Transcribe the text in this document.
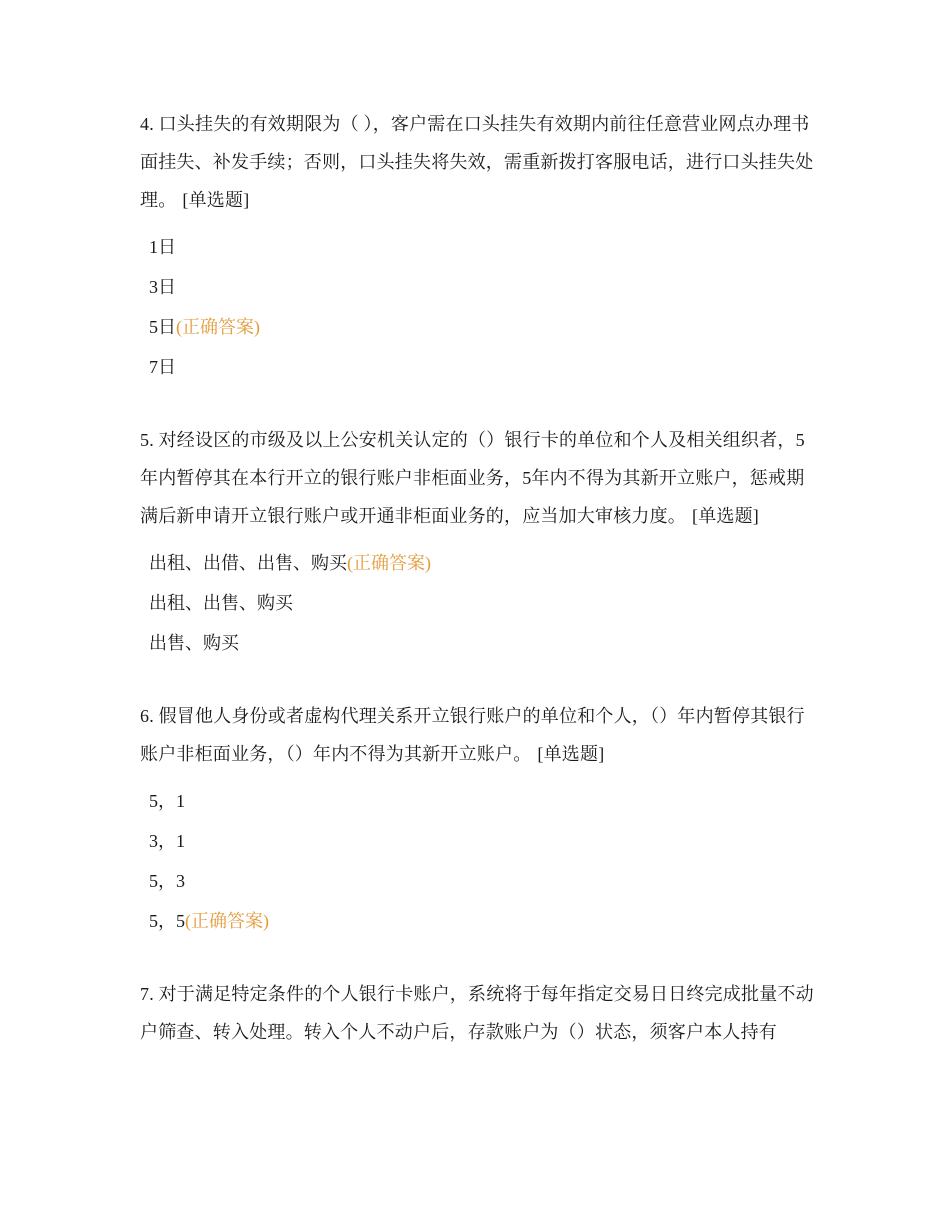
4. 口头挂失的有效期限为（ ），客户需在口头挂失有效期内前往任意营业网点办理书面挂失、补发手续；否则，口头挂失将失效，需重新拨打客服电话，进行口头挂失处理。 [单选题]

1日
3日
5日 (正确答案)
7日

5. 对经设区的市级及以上公安机关认定的（）银行卡的单位和个人及相关组织者，5年内暂停其在本行开立的银行账户非柜面业务，5年内不得为其新开立账户，惩戒期满后新申请开立银行账户或开通非柜面业务的，应当加大审核力度。 [单选题]

出租、出借、出售、购买 (正确答案)
出租、出售、购买
出售、购买

6. 假冒他人身份或者虚构代理关系开立银行账户的单位和个人，（）年内暂停其银行账户非柜面业务，（）年内不得为其新开立账户。 [单选题]

5，1
3，1
5，3
5，5 (正确答案)

7. 对于满足特定条件的个人银行卡账户，系统将于每年指定交易日日终完成批量不动户筛查、转入处理。转入个人不动户后，存款账户为（）状态，须客户本人持有
